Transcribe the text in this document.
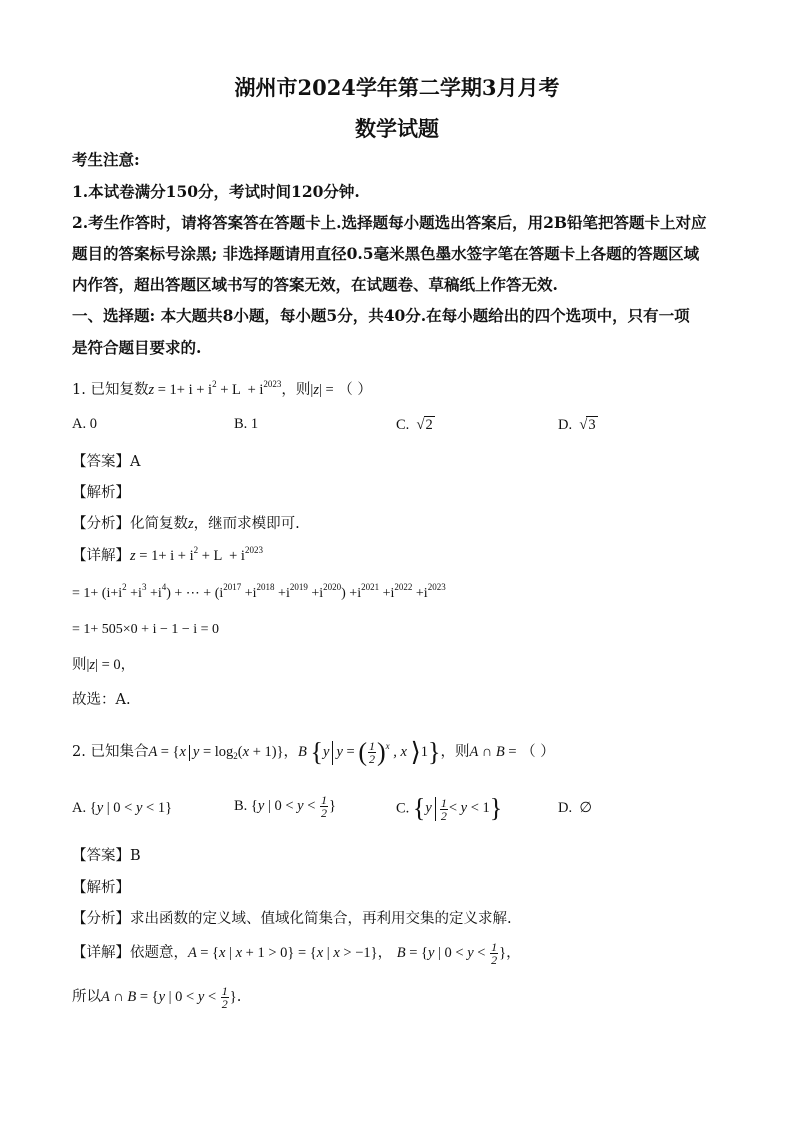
湖州市2024学年第二学期3月月考
数学试题
考生注意:
1.本试卷满分150分，考试时间120分钟.
2.考生作答时，请将答案答在答题卡上.选择题每小题选出答案后，用2B铅笔把答题卡上对应
题目的答案标号涂黑; 非选择题请用直径0.5毫米黑色墨水签字笔在答题卡上各题的答题区域
内作答，超出答题区域书写的答案无效，在试题卷、草稿纸上作答无效.
一、选择题: 本大题共8小题，每小题5分，共40分.在每小题给出的四个选项中，只有一项
是符合题目要求的.
1. 已知复数$z = 1+ i + i^2 + L + i^{2023}$，则|z| = （ ）
A. 0	B. 1	C.  √2	D.  √3
【答案】A
【解析】
【分析】化简复数z，继而求模即可.
【详解】$z = 1+ i + i^2 + L + i^{2023}$
= $1+ (i+i^2 +i^3 +i^4)$ + ⋯ + $(i^{2017} +i^{2018} +i^{2019} +i^{2020}) +i^{2021} +i^{2022} +i^{2023}$
= 1+ 505×0 + i − 1 − i = 0
则|z| = 0，
故选：A.
2. 已知集合A = {x $y = \log_2(x + 1)$}，B {y y = ( $\frac{1}{2} )^x$ , x ⟩1}，则A ∩ B = （ ）
A. {y | 0 < y < 1}	B. {y | $0 < y < \frac{1}{2}$ }	C. $\{y \frac{1}{2} < y < 1\}$	D.  ∅
【答案】B
【解析】
【分析】求出函数的定义域、值域化简集合，再利用交集的定义求解.
【详解】依题意，A = {x | x + 1 > 0} = {x | x > −1}， B = {y | $0 < y < \frac{1}{2}$ }，
所以A ∩ B = {y | $0 < y < \frac{1}{2}$ }.
